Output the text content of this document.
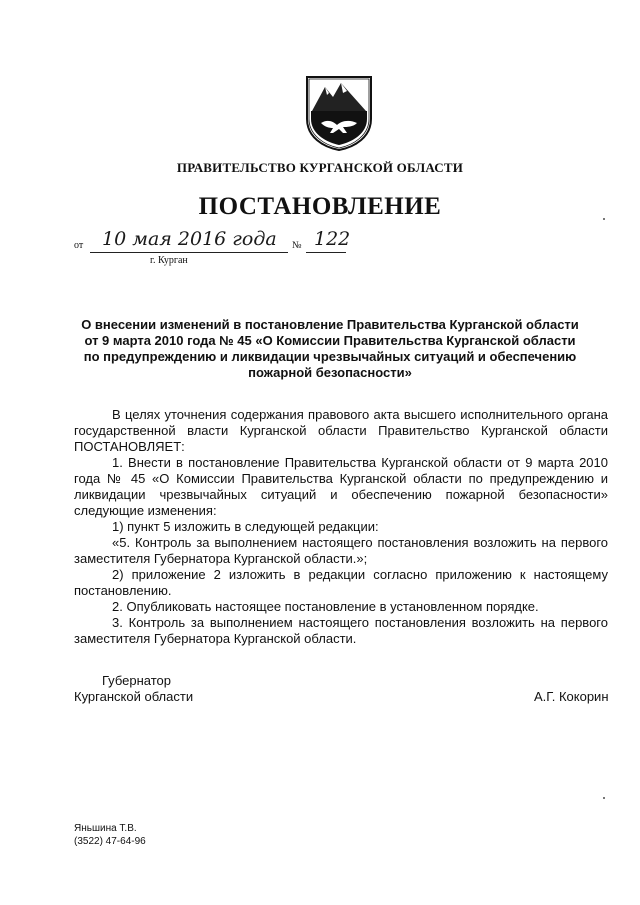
ПРАВИТЕЛЬСТВО КУРГАНСКОЙ ОБЛАСТИ
ПОСТАНОВЛЕНИЕ
от 10 мая 2016 года № 122
г. Курган
О внесении изменений в постановление Правительства Курганской области
от 9 марта 2010 года № 45 «О Комиссии Правительства Курганской области
по предупреждению и ликвидации чрезвычайных ситуаций и обеспечению
пожарной безопасности»

В целях уточнения содержания правового акта высшего исполнительного органа государственной власти Курганской области Правительство Курганской области ПОСТАНОВЛЯЕТ:

1. Внести в постановление Правительства Курганской области от 9 марта 2010 года № 45 «О Комиссии Правительства Курганской области по предупреждению и ликвидации чрезвычайных ситуаций и обеспечению пожарной безопасности» следующие изменения:

1) пункт 5 изложить в следующей редакции:

«5. Контроль за выполнением настоящего постановления возложить на первого заместителя Губернатора Курганской области.»;

2) приложение 2 изложить в редакции согласно приложению к настоящему постановлению.

2. Опубликовать настоящее постановление в установленном порядке.

3. Контроль за выполнением настоящего постановления возложить на первого заместителя Губернатора Курганской области.

Губернатор
Курганской области	А.Г. Кокорин
Яньшина Т.В.
(3522) 47-64-96
